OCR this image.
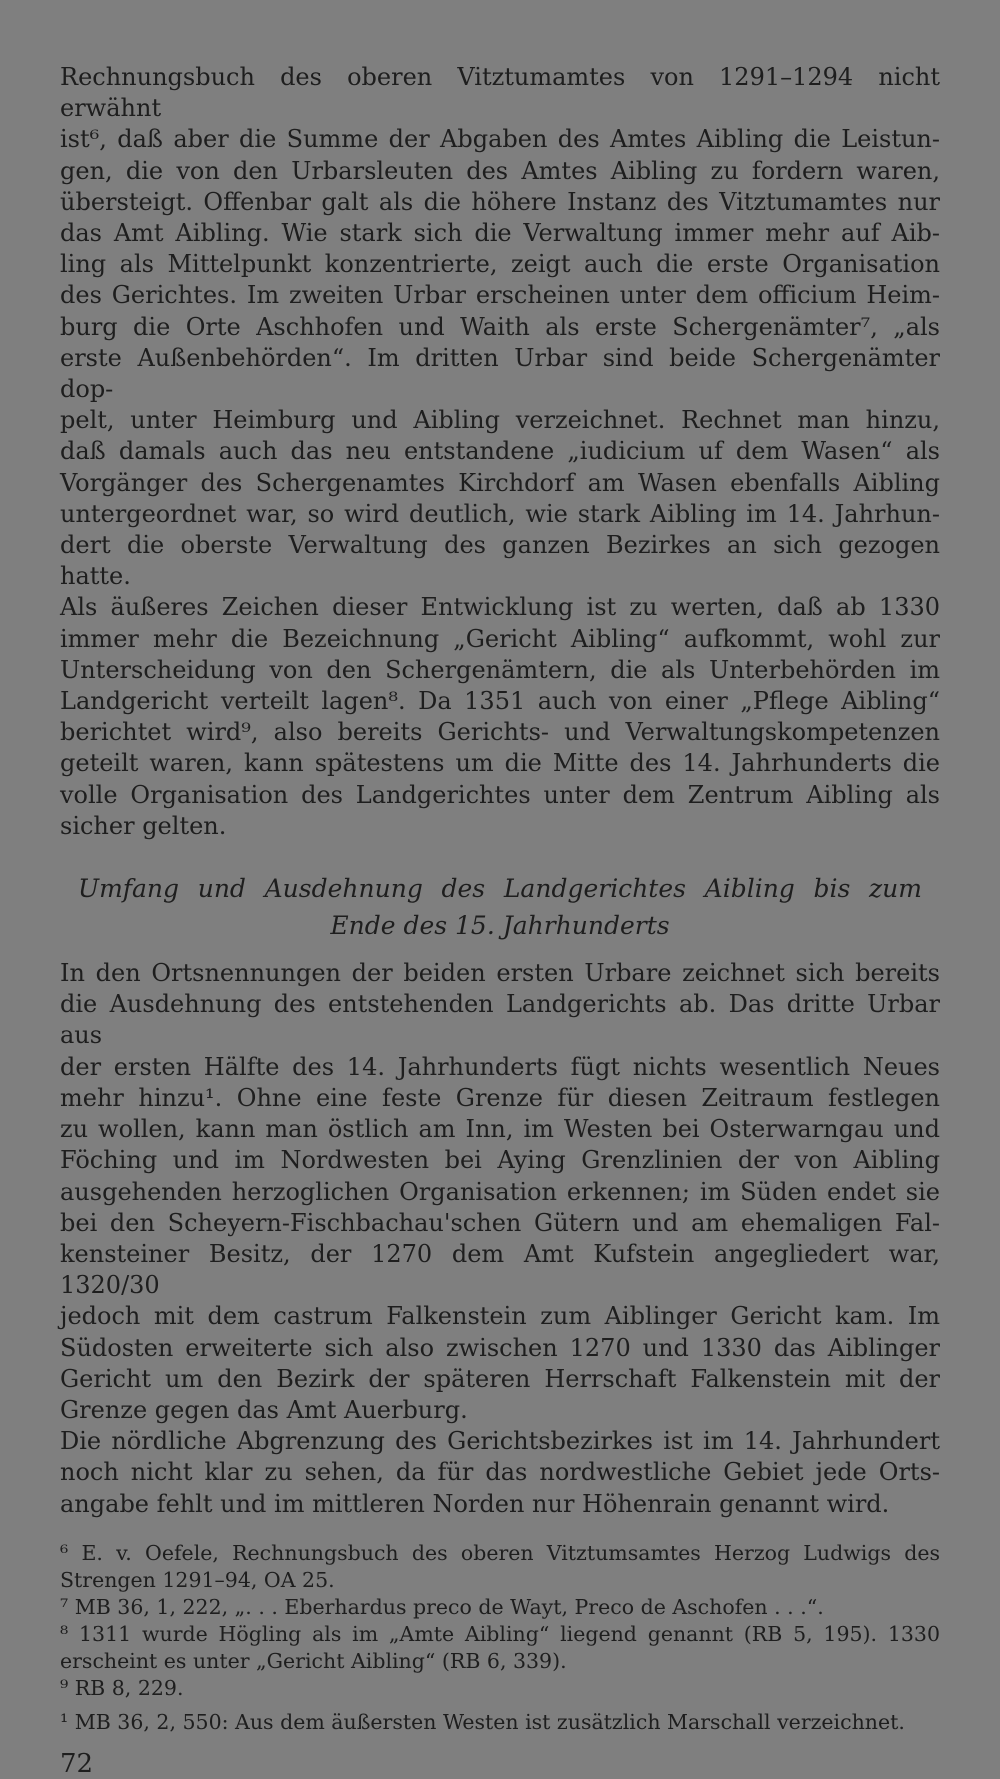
Rechnungsbuch des oberen Vitztumamtes von 1291–1294 nicht erwähnt
ist⁶, daß aber die Summe der Abgaben des Amtes Aibling die Leistun-
gen, die von den Urbarsleuten des Amtes Aibling zu fordern waren,
übersteigt. Offenbar galt als die höhere Instanz des Vitztumamtes nur
das Amt Aibling. Wie stark sich die Verwaltung immer mehr auf Aib-
ling als Mittelpunkt konzentrierte, zeigt auch die erste Organisation
des Gerichtes. Im zweiten Urbar erscheinen unter dem officium Heim-
burg die Orte Aschhofen und Waith als erste Schergenämter⁷, „als
erste Außenbehörden“. Im dritten Urbar sind beide Schergenämter dop-
pelt, unter Heimburg und Aibling verzeichnet. Rechnet man hinzu,
daß damals auch das neu entstandene „iudicium uf dem Wasen“ als
Vorgänger des Schergenamtes Kirchdorf am Wasen ebenfalls Aibling
untergeordnet war, so wird deutlich, wie stark Aibling im 14. Jahrhun-
dert die oberste Verwaltung des ganzen Bezirkes an sich gezogen hatte.
Als äußeres Zeichen dieser Entwicklung ist zu werten, daß ab 1330
immer mehr die Bezeichnung „Gericht Aibling“ aufkommt, wohl zur
Unterscheidung von den Schergenämtern, die als Unterbehörden im
Landgericht verteilt lagen⁸. Da 1351 auch von einer „Pflege Aibling“
berichtet wird⁹, also bereits Gerichts- und Verwaltungskompetenzen
geteilt waren, kann spätestens um die Mitte des 14. Jahrhunderts die
volle Organisation des Landgerichtes unter dem Zentrum Aibling als
sicher gelten.
Umfang und Ausdehnung des Landgerichtes Aibling bis zum
Ende des 15. Jahrhunderts
In den Ortsnennungen der beiden ersten Urbare zeichnet sich bereits
die Ausdehnung des entstehenden Landgerichts ab. Das dritte Urbar aus
der ersten Hälfte des 14. Jahrhunderts fügt nichts wesentlich Neues
mehr hinzu¹. Ohne eine feste Grenze für diesen Zeitraum festlegen
zu wollen, kann man östlich am Inn, im Westen bei Osterwarngau und
Föching und im Nordwesten bei Aying Grenzlinien der von Aibling
ausgehenden herzoglichen Organisation erkennen; im Süden endet sie
bei den Scheyern-Fischbachau'schen Gütern und am ehemaligen Fal-
kensteiner Besitz, der 1270 dem Amt Kufstein angegliedert war, 1320/30
jedoch mit dem castrum Falkenstein zum Aiblinger Gericht kam. Im
Südosten erweiterte sich also zwischen 1270 und 1330 das Aiblinger
Gericht um den Bezirk der späteren Herrschaft Falkenstein mit der
Grenze gegen das Amt Auerburg.
Die nördliche Abgrenzung des Gerichtsbezirkes ist im 14. Jahrhundert
noch nicht klar zu sehen, da für das nordwestliche Gebiet jede Orts-
angabe fehlt und im mittleren Norden nur Höhenrain genannt wird.
⁶ E. v. Oefele, Rechnungsbuch des oberen Vitztumsamtes Herzog Ludwigs des
Strengen 1291–94, OA 25.
⁷ MB 36, 1, 222, „. . . Eberhardus preco de Wayt, Preco de Aschofen . . .“.
⁸ 1311 wurde Högling als im „Amte Aibling“ liegend genannt (RB 5, 195). 1330
erscheint es unter „Gericht Aibling“ (RB 6, 339).
⁹ RB 8, 229.
¹ MB 36, 2, 550: Aus dem äußersten Westen ist zusätzlich Marschall verzeichnet.
72
